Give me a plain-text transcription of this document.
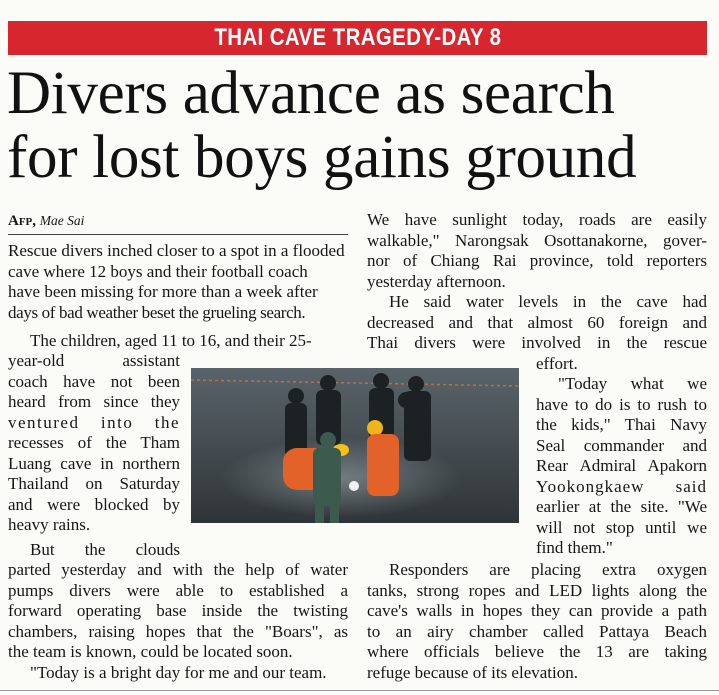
THAI CAVE TRAGEDY-DAY 8
Divers advance as search
for lost boys gains ground
Afp, Mae Sai

Rescue divers inched closer to a spot in a flooded

cave where 12 boys and their football coach

have been missing for more than a week after

days of bad weather beset the grueling search.

The children, aged 11 to 16, and their 25-

year-old assistant

coach have not been

heard from since they

ventured into the

recesses of the Tham

Luang cave in northern

Thailand on Saturday

and were blocked by

heavy rains.

But the clouds

parted yesterday and with the help of water

pumps divers were able to established a

forward operating base inside the twisting

chambers, raising hopes that the "Boars", as

the team is known, could be located soon.

"Today is a bright day for me and our team.

We have sunlight today, roads are easily

walkable," Narongsak Osottanakorne, gover-

nor of Chiang Rai province, told reporters

yesterday afternoon.

He said water levels in the cave had

decreased and that almost 60 foreign and

Thai divers were involved in the rescue

effort.

"Today what we

have to do is to rush to

the kids," Thai Navy

Seal commander and

Rear Admiral Apakorn

Yookongkaew said

earlier at the site. "We

will not stop until we

find them."

Responders are placing extra oxygen

tanks, strong ropes and LED lights along the

cave's walls in hopes they can provide a path

to an airy chamber called Pattaya Beach

where officials believe the 13 are taking

refuge because of its elevation.
